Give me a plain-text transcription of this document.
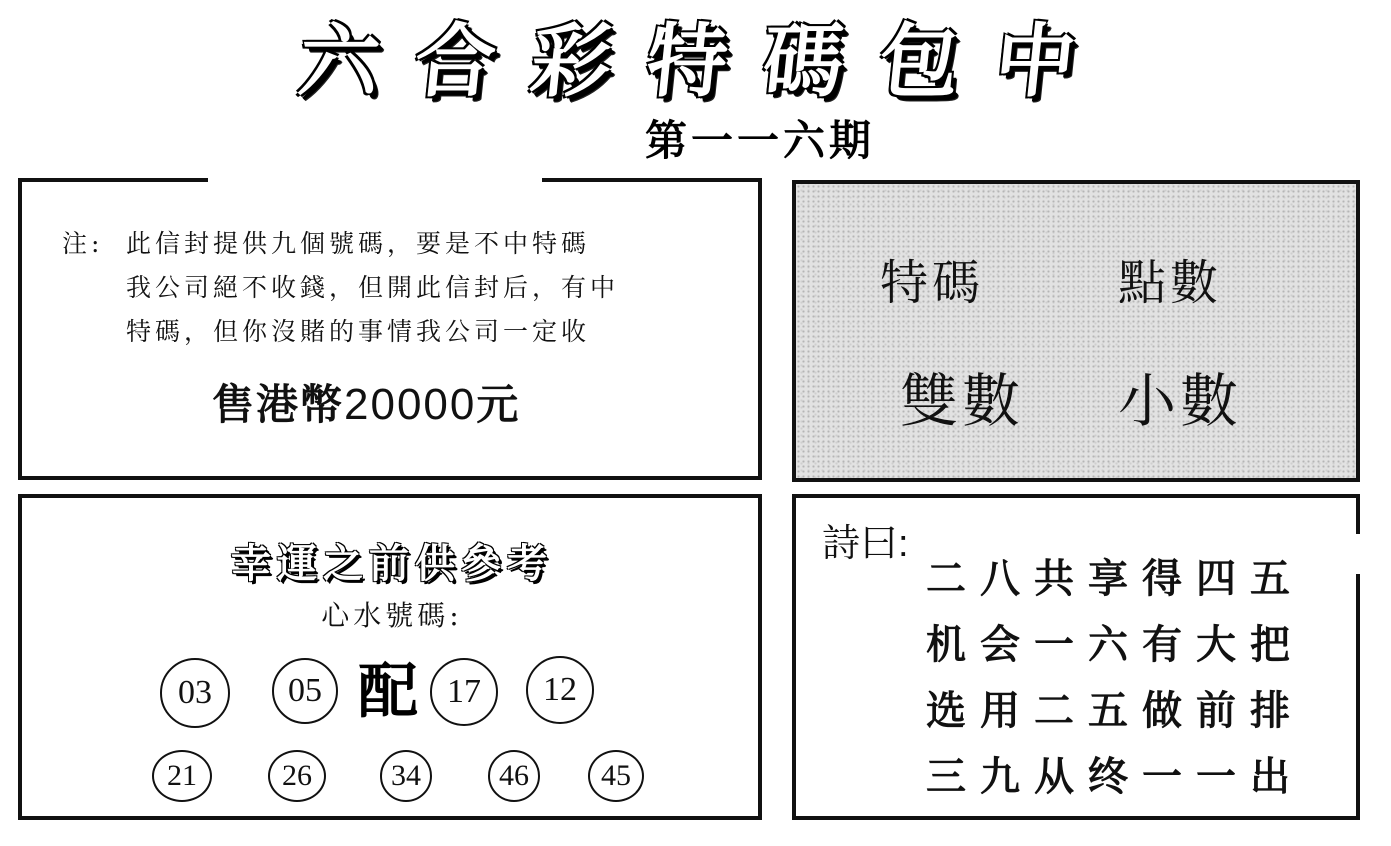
六 合 彩 特 碼 包 中
第一一六期
注: 此信封提供九個號碼，要是不中特碼
我公司絕不收錢，但開此信封后，有中
特碼，但你沒賭的事情我公司一定收
售港幣20000元
特碼	點數
雙數 小數
幸運之前供參考
心水號碼:
03	05 配 17	12
21	26	34	46	45
詩曰:
二八共享得四五
机会一六有大把
选用二五做前排
三九从终一一出
